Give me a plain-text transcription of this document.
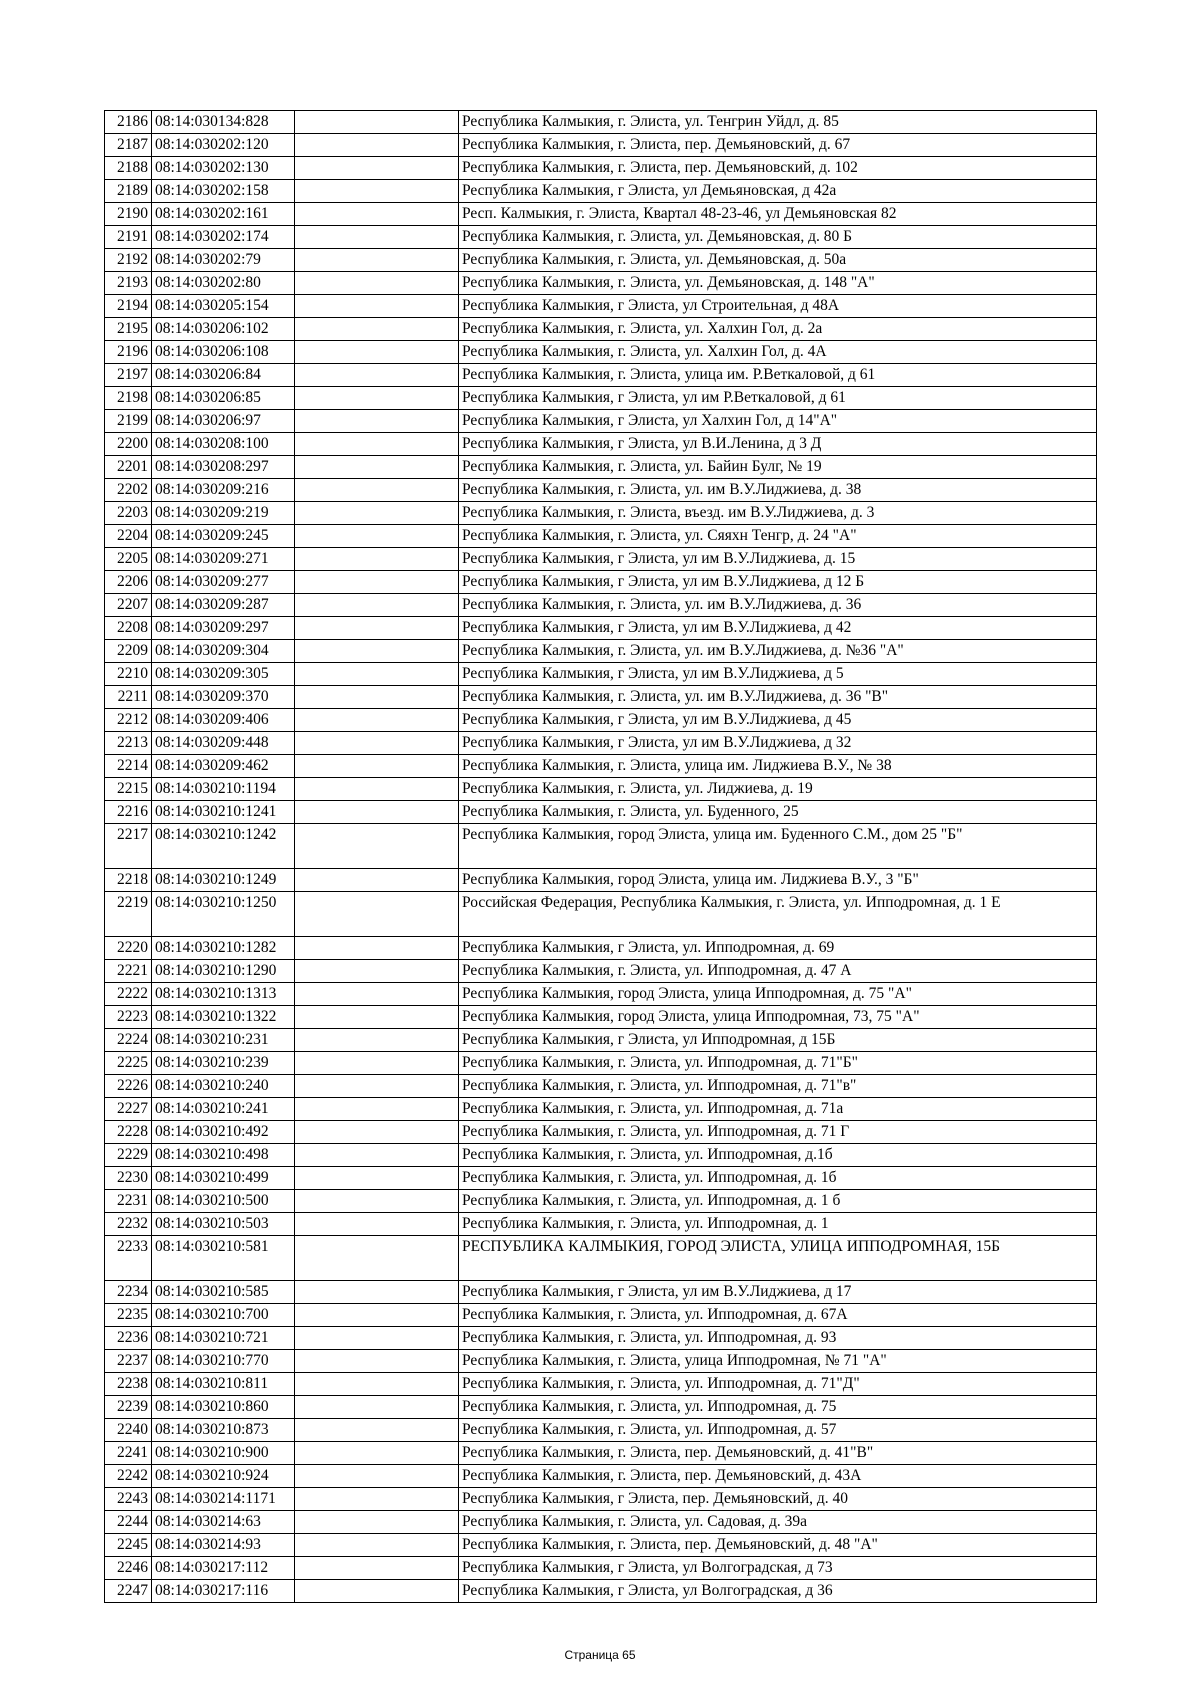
2186	08:14:030134:828		Республика Калмыкия, г. Элиста, ул. Тенгрин Уйдл, д. 85
2187	08:14:030202:120		Республика Калмыкия, г. Элиста, пер. Демьяновский, д. 67
2188	08:14:030202:130		Республика Калмыкия, г. Элиста, пер. Демьяновский, д. 102
2189	08:14:030202:158		Республика Калмыкия, г Элиста, ул Демьяновская, д 42а
2190	08:14:030202:161		Респ. Калмыкия, г. Элиста, Квартал 48-23-46, ул Демьяновская 82
2191	08:14:030202:174		Республика Калмыкия, г. Элиста, ул. Демьяновская, д. 80 Б
2192	08:14:030202:79		Республика Калмыкия, г. Элиста, ул. Демьяновская, д. 50а
2193	08:14:030202:80		Республика Калмыкия, г. Элиста, ул. Демьяновская, д. 148 "А"
2194	08:14:030205:154		Республика Калмыкия, г Элиста, ул Строительная, д 48А
2195	08:14:030206:102		Республика Калмыкия, г. Элиста, ул. Халхин Гол, д. 2а
2196	08:14:030206:108		Республика Калмыкия, г. Элиста, ул. Халхин Гол, д. 4А
2197	08:14:030206:84		Республика Калмыкия, г. Элиста, улица им. Р.Веткаловой, д 61
2198	08:14:030206:85		Республика Калмыкия, г Элиста, ул им Р.Веткаловой, д 61
2199	08:14:030206:97		Республика Калмыкия, г Элиста, ул Халхин Гол, д 14"А"
2200	08:14:030208:100		Республика Калмыкия, г Элиста, ул В.И.Ленина, д 3 Д
2201	08:14:030208:297		Республика Калмыкия, г. Элиста, ул. Байин Булг, № 19
2202	08:14:030209:216		Республика Калмыкия, г. Элиста, ул. им В.У.Лиджиева, д. 38
2203	08:14:030209:219		Республика Калмыкия, г. Элиста, въезд. им В.У.Лиджиева, д. 3
2204	08:14:030209:245		Республика Калмыкия, г. Элиста, ул. Сяяхн Тенгр, д. 24 "А"
2205	08:14:030209:271		Республика Калмыкия, г Элиста, ул им В.У.Лиджиева, д. 15
2206	08:14:030209:277		Республика Калмыкия, г Элиста, ул им В.У.Лиджиева, д 12 Б
2207	08:14:030209:287		Республика Калмыкия, г. Элиста, ул. им В.У.Лиджиева, д. 36
2208	08:14:030209:297		Республика Калмыкия, г Элиста, ул им В.У.Лиджиева, д 42
2209	08:14:030209:304		Республика Калмыкия, г. Элиста, ул. им В.У.Лиджиева, д. №36 "А"
2210	08:14:030209:305		Республика Калмыкия, г Элиста, ул им В.У.Лиджиева, д 5
2211	08:14:030209:370		Республика Калмыкия, г. Элиста, ул. им В.У.Лиджиева, д. 36 "В"
2212	08:14:030209:406		Республика Калмыкия, г Элиста, ул им В.У.Лиджиева, д 45
2213	08:14:030209:448		Республика Калмыкия, г Элиста, ул им В.У.Лиджиева, д 32
2214	08:14:030209:462		Республика Калмыкия, г. Элиста, улица им. Лиджиева В.У., № 38
2215	08:14:030210:1194		Республика Калмыкия, г. Элиста, ул. Лиджиева, д. 19
2216	08:14:030210:1241		Республика Калмыкия, г. Элиста, ул. Буденного, 25
2217	08:14:030210:1242		Республика Калмыкия, город Элиста, улица им. Буденного С.М., дом 25 "Б"
2218	08:14:030210:1249		Республика Калмыкия, город Элиста, улица им. Лиджиева В.У., 3 "Б"
2219	08:14:030210:1250		Российская Федерация, Республика Калмыкия, г. Элиста, ул. Ипподромная, д. 1 Е
2220	08:14:030210:1282		Республика Калмыкия, г Элиста, ул. Ипподромная, д. 69
2221	08:14:030210:1290		Республика Калмыкия, г. Элиста, ул. Ипподромная, д. 47 А
2222	08:14:030210:1313		Республика Калмыкия, город Элиста, улица Ипподромная, д. 75 "А"
2223	08:14:030210:1322		Республика Калмыкия, город Элиста, улица Ипподромная, 73, 75 "А"
2224	08:14:030210:231		Республика Калмыкия, г Элиста, ул Ипподромная, д 15Б
2225	08:14:030210:239		Республика Калмыкия, г. Элиста, ул. Ипподромная, д. 71"Б"
2226	08:14:030210:240		Республика Калмыкия, г. Элиста, ул. Ипподромная, д. 71"в"
2227	08:14:030210:241		Республика Калмыкия, г. Элиста, ул. Ипподромная, д. 71а
2228	08:14:030210:492		Республика Калмыкия, г. Элиста, ул. Ипподромная, д. 71 Г
2229	08:14:030210:498		Республика Калмыкия, г. Элиста, ул. Ипподромная, д.1б
2230	08:14:030210:499		Республика Калмыкия, г. Элиста, ул. Ипподромная, д. 1б
2231	08:14:030210:500		Республика Калмыкия, г. Элиста, ул. Ипподромная, д. 1 б
2232	08:14:030210:503		Республика Калмыкия, г. Элиста, ул. Ипподромная, д. 1
2233	08:14:030210:581		РЕСПУБЛИКА КАЛМЫКИЯ, ГОРОД ЭЛИСТА, УЛИЦА ИППОДРОМНАЯ, 15Б
2234	08:14:030210:585		Республика Калмыкия, г Элиста, ул им В.У.Лиджиева, д 17
2235	08:14:030210:700		Республика Калмыкия, г. Элиста, ул. Ипподромная, д. 67А
2236	08:14:030210:721		Республика Калмыкия, г. Элиста, ул. Ипподромная, д. 93
2237	08:14:030210:770		Республика Калмыкия, г. Элиста, улица Ипподромная, № 71 "А"
2238	08:14:030210:811		Республика Калмыкия, г. Элиста, ул. Ипподромная, д. 71"Д"
2239	08:14:030210:860		Республика Калмыкия, г. Элиста, ул. Ипподромная, д. 75
2240	08:14:030210:873		Республика Калмыкия, г. Элиста, ул. Ипподромная, д. 57
2241	08:14:030210:900		Республика Калмыкия, г. Элиста, пер. Демьяновский, д. 41"В"
2242	08:14:030210:924		Республика Калмыкия, г. Элиста, пер. Демьяновский, д. 43А
2243	08:14:030214:1171		Республика Калмыкия, г Элиста, пер. Демьяновский, д. 40
2244	08:14:030214:63		Республика Калмыкия, г. Элиста, ул. Садовая, д. 39а
2245	08:14:030214:93		Республика Калмыкия, г. Элиста, пер. Демьяновский, д. 48 "А"
2246	08:14:030217:112		Республика Калмыкия, г Элиста, ул Волгоградская, д 73
2247	08:14:030217:116		Республика Калмыкия, г Элиста, ул Волгоградская, д 36
Страница 65
